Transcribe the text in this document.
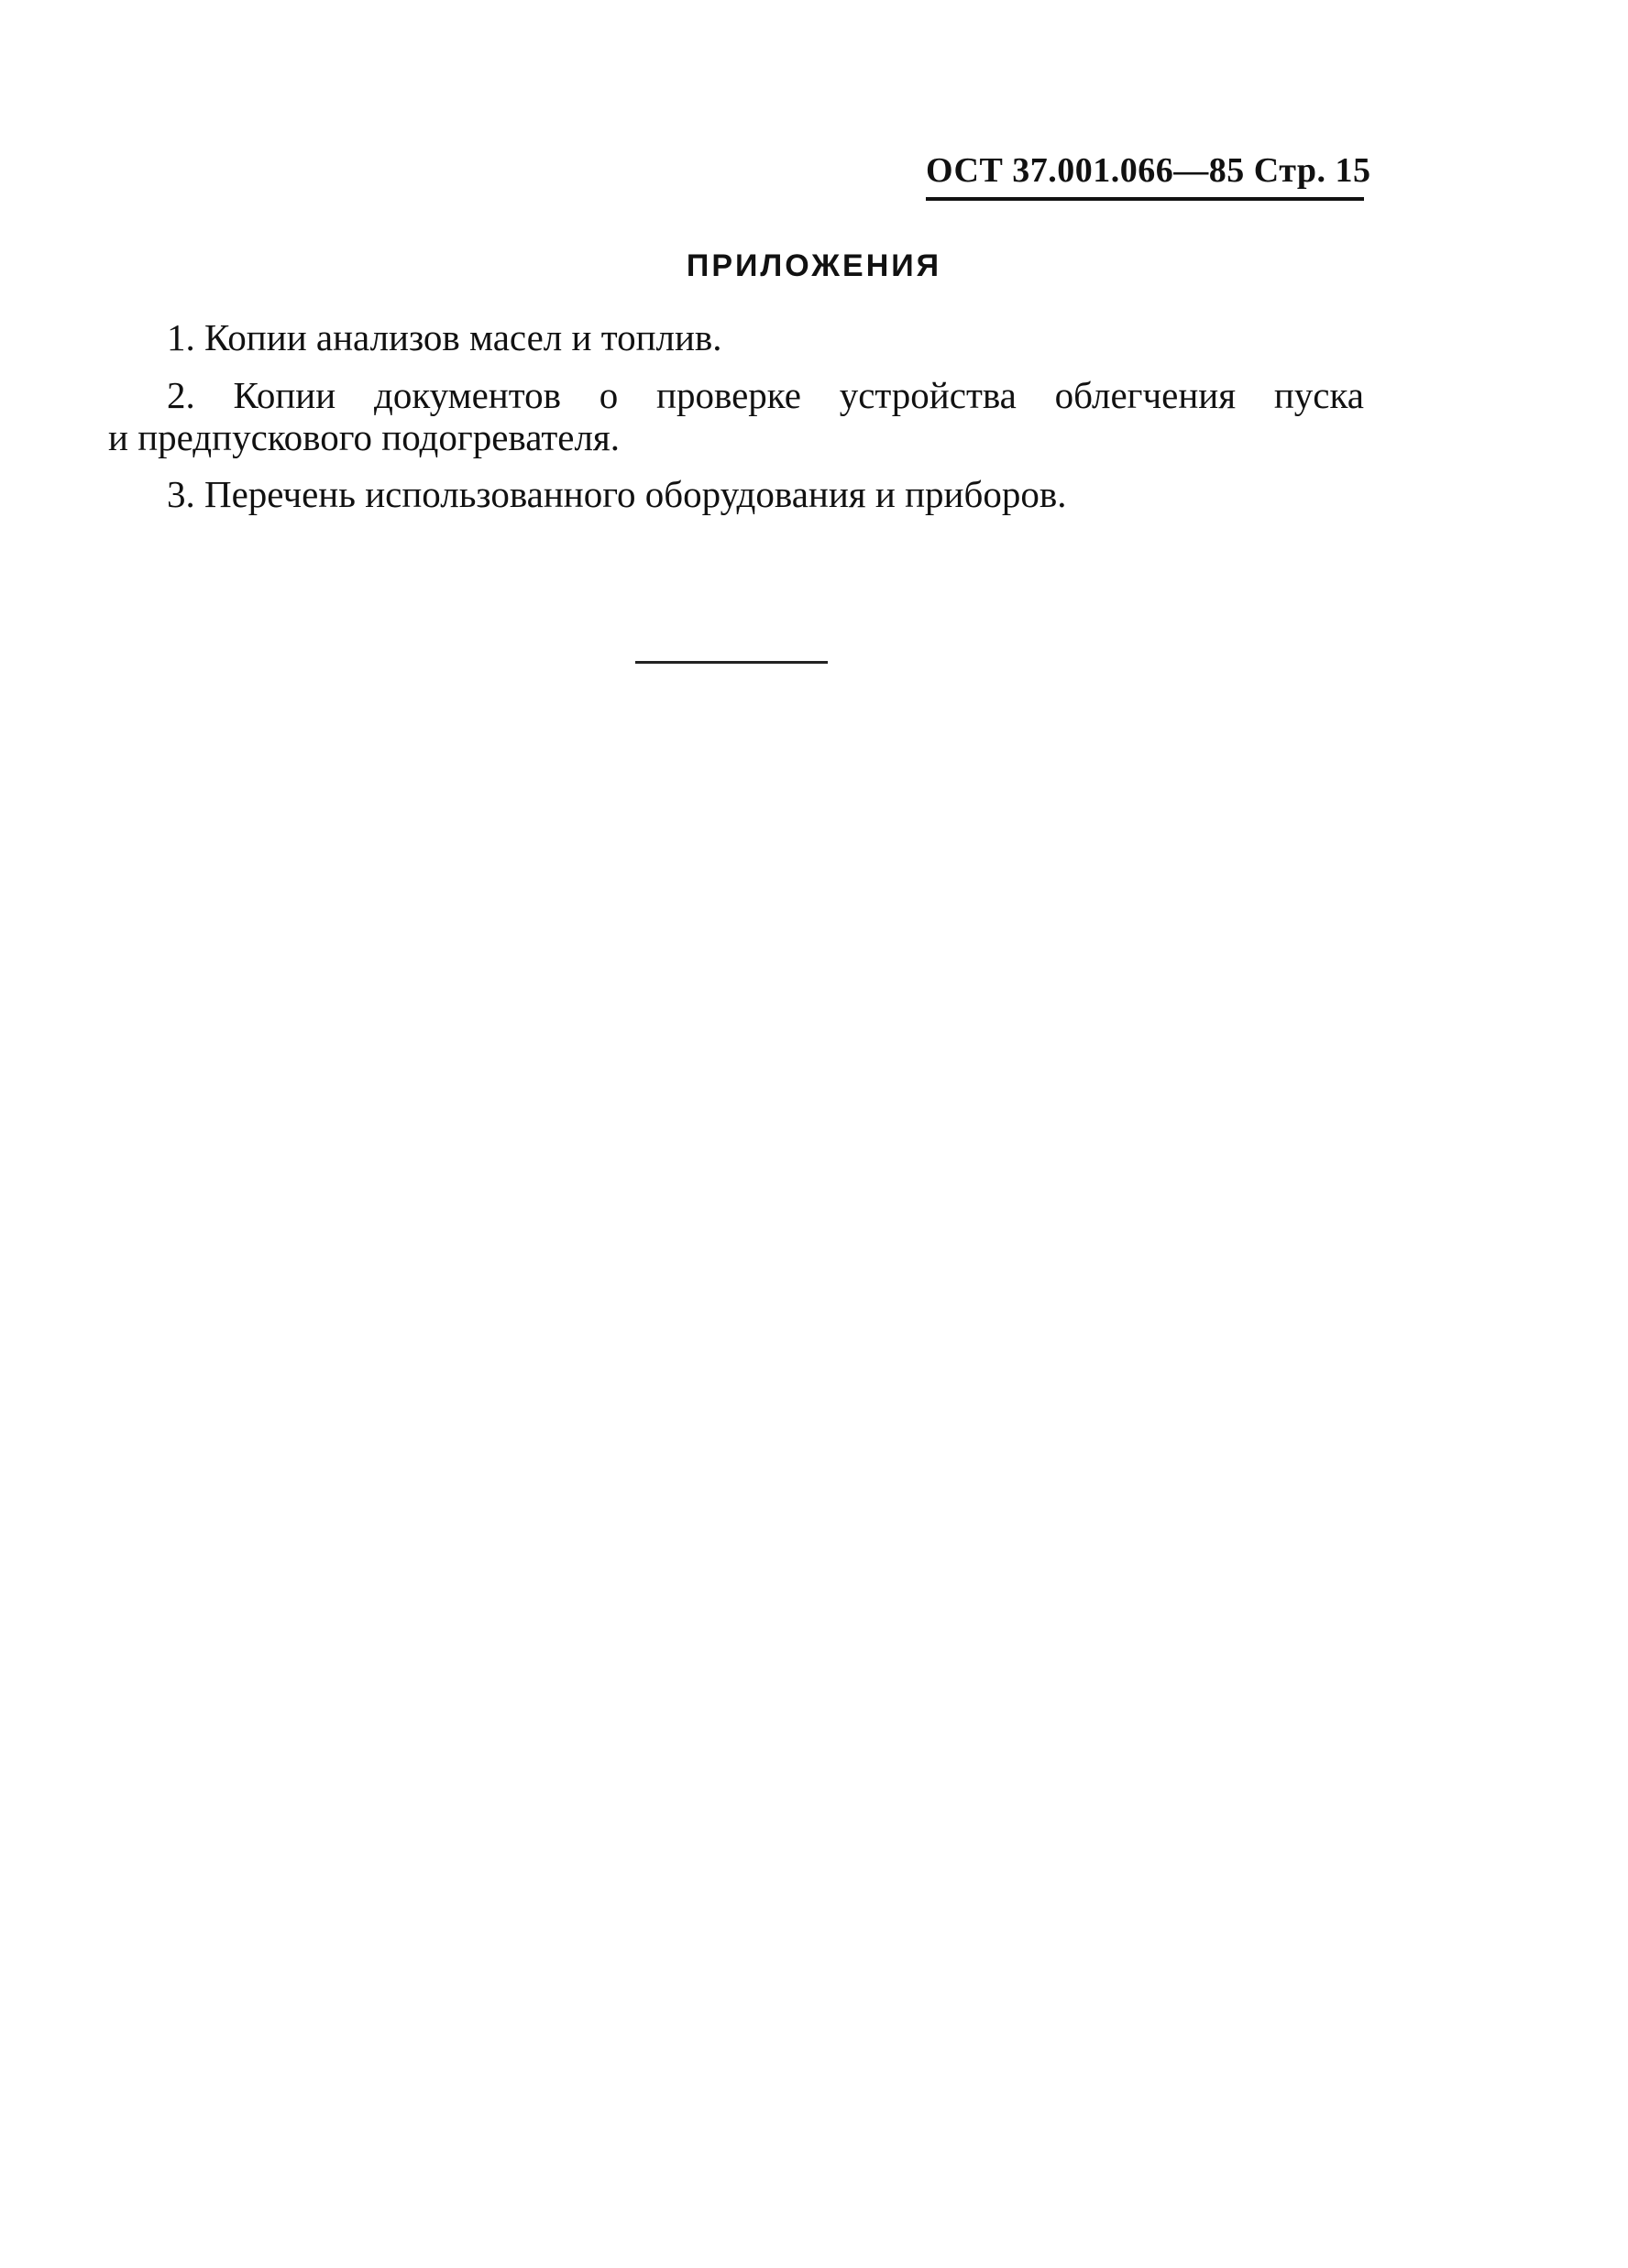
ОСТ 37.001.066—85 Стр. 15
ПРИЛОЖЕНИЯ
1. Копии анализов масел и топлив.
2. Копии документов о проверке устройства облегчения пуска
и предпускового подогревателя.
3. Перечень использованного оборудования и приборов.
